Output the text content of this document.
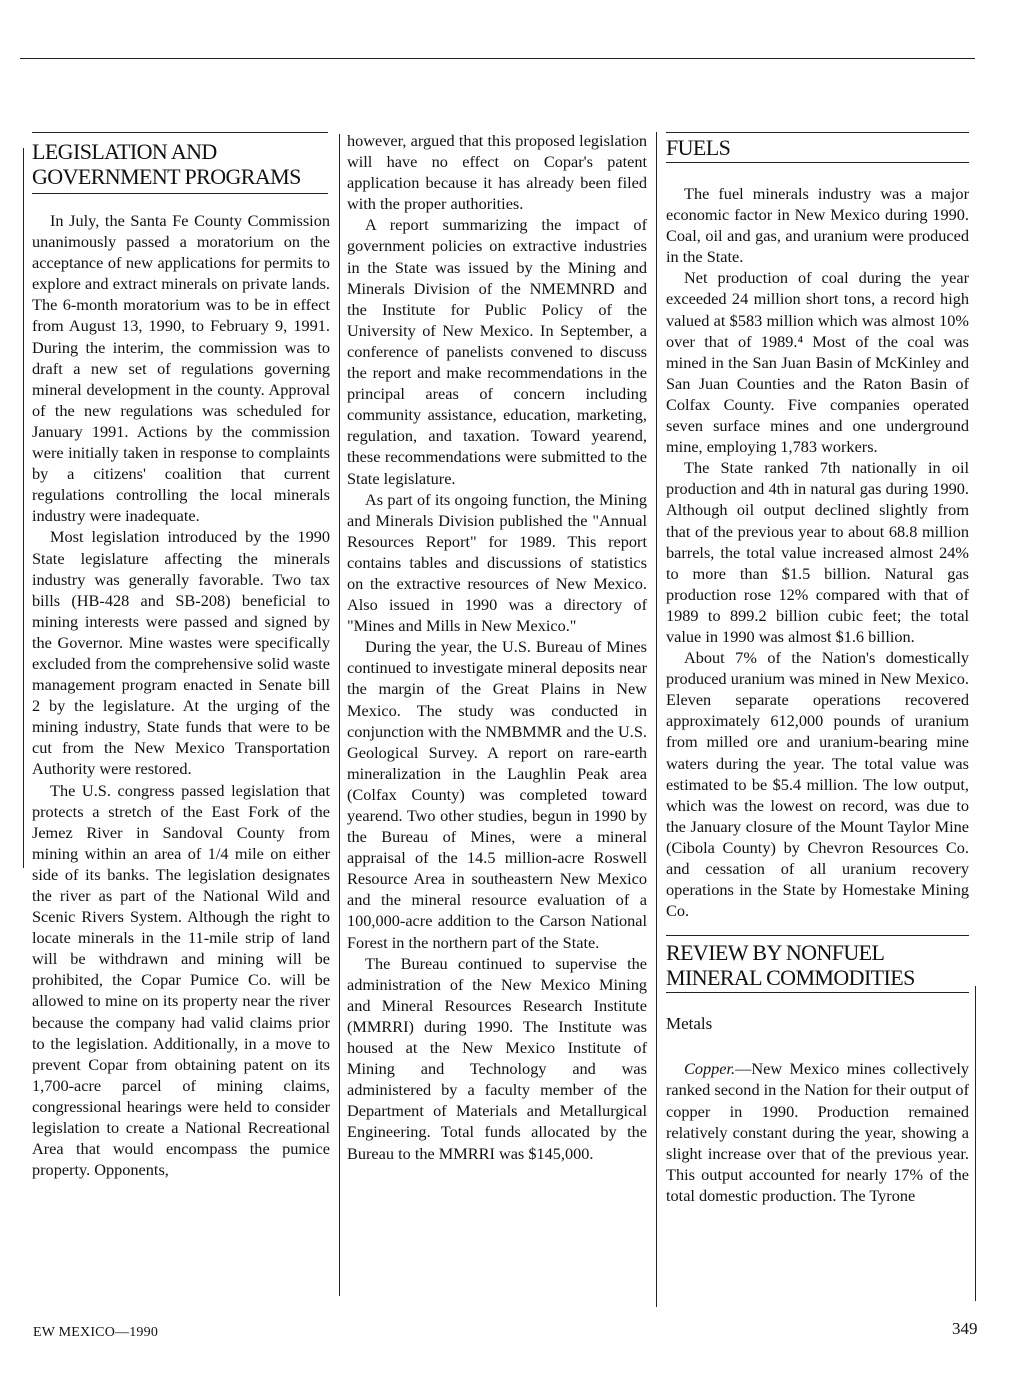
LEGISLATION AND
GOVERNMENT PROGRAMS

In July, the Santa Fe County Commission unanimously passed a moratorium on the acceptance of new applications for permits to explore and extract minerals on private lands. The 6-month moratorium was to be in effect from August 13, 1990, to February 9, 1991. During the interim, the commission was to draft a new set of regulations governing mineral development in the county. Approval of the new regulations was scheduled for January 1991. Actions by the commission were initially taken in response to complaints by a citizens' coalition that current regulations controlling the local minerals industry were inadequate.

Most legislation introduced by the 1990 State legislature affecting the minerals industry was generally favorable. Two tax bills (HB-428 and SB-208) beneficial to mining interests were passed and signed by the Governor. Mine wastes were specifically excluded from the comprehensive solid waste management program enacted in Senate bill 2 by the legislature. At the urging of the mining industry, State funds that were to be cut from the New Mexico Transportation Authority were restored.

The U.S. congress passed legislation that protects a stretch of the East Fork of the Jemez River in Sandoval County from mining within an area of 1/4 mile on either side of its banks. The legislation designates the river as part of the National Wild and Scenic Rivers System. Although the right to locate minerals in the 11-mile strip of land will be withdrawn and mining will be prohibited, the Copar Pumice Co. will be allowed to mine on its property near the river because the company had valid claims prior to the legislation. Additionally, in a move to prevent Copar from obtaining patent on its 1,700-acre parcel of mining claims, congressional hearings were held to consider legislation to create a National Recreational Area that would encompass the pumice property. Opponents,

however, argued that this proposed legislation will have no effect on Copar's patent application because it has already been filed with the proper authorities.

A report summarizing the impact of government policies on extractive industries in the State was issued by the Mining and Minerals Division of the NMEMNRD and the Institute for Public Policy of the University of New Mexico. In September, a conference of panelists convened to discuss the report and make recommendations in the principal areas of concern including community assistance, education, marketing, regulation, and taxation. Toward yearend, these recommendations were submitted to the State legislature.

As part of its ongoing function, the Mining and Minerals Division published the "Annual Resources Report" for 1989. This report contains tables and discussions of statistics on the extractive resources of New Mexico. Also issued in 1990 was a directory of "Mines and Mills in New Mexico."

During the year, the U.S. Bureau of Mines continued to investigate mineral deposits near the margin of the Great Plains in New Mexico. The study was conducted in conjunction with the NMBMMR and the U.S. Geological Survey. A report on rare-earth mineralization in the Laughlin Peak area (Colfax County) was completed toward yearend. Two other studies, begun in 1990 by the Bureau of Mines, were a mineral appraisal of the 14.5 million-acre Roswell Resource Area in southeastern New Mexico and the mineral resource evaluation of a 100,000-acre addition to the Carson National Forest in the northern part of the State.

The Bureau continued to supervise the administration of the New Mexico Mining and Mineral Resources Research Institute (MMRRI) during 1990. The Institute was housed at the New Mexico Institute of Mining and Technology and was administered by a faculty member of the Department of Materials and Metallurgical Engineering. Total funds allocated by the Bureau to the MMRRI was $145,000.

FUELS

The fuel minerals industry was a major economic factor in New Mexico during 1990. Coal, oil and gas, and uranium were produced in the State.

Net production of coal during the year exceeded 24 million short tons, a record high valued at $583 million which was almost 10% over that of 1989.⁴ Most of the coal was mined in the San Juan Basin of McKinley and San Juan Counties and the Raton Basin of Colfax County. Five companies operated seven surface mines and one underground mine, employing 1,783 workers.

The State ranked 7th nationally in oil production and 4th in natural gas during 1990. Although oil output declined slightly from that of the previous year to about 68.8 million barrels, the total value increased almost 24% to more than $1.5 billion. Natural gas production rose 12% compared with that of 1989 to 899.2 billion cubic feet; the total value in 1990 was almost $1.6 billion.

About 7% of the Nation's domestically produced uranium was mined in New Mexico. Eleven separate operations recovered approximately 612,000 pounds of uranium from milled ore and uranium-bearing mine waters during the year. The total value was estimated to be $5.4 million. The low output, which was the lowest on record, was due to the January closure of the Mount Taylor Mine (Cibola County) by Chevron Resources Co. and cessation of all uranium recovery operations in the State by Homestake Mining Co.

REVIEW BY NONFUEL
MINERAL COMMODITIES

Metals

Copper.—New Mexico mines collectively ranked second in the Nation for their output of copper in 1990. Production remained relatively constant during the year, showing a slight increase over that of the previous year. This output accounted for nearly 17% of the total domestic production. The Tyrone

EW MEXICO—1990	349
